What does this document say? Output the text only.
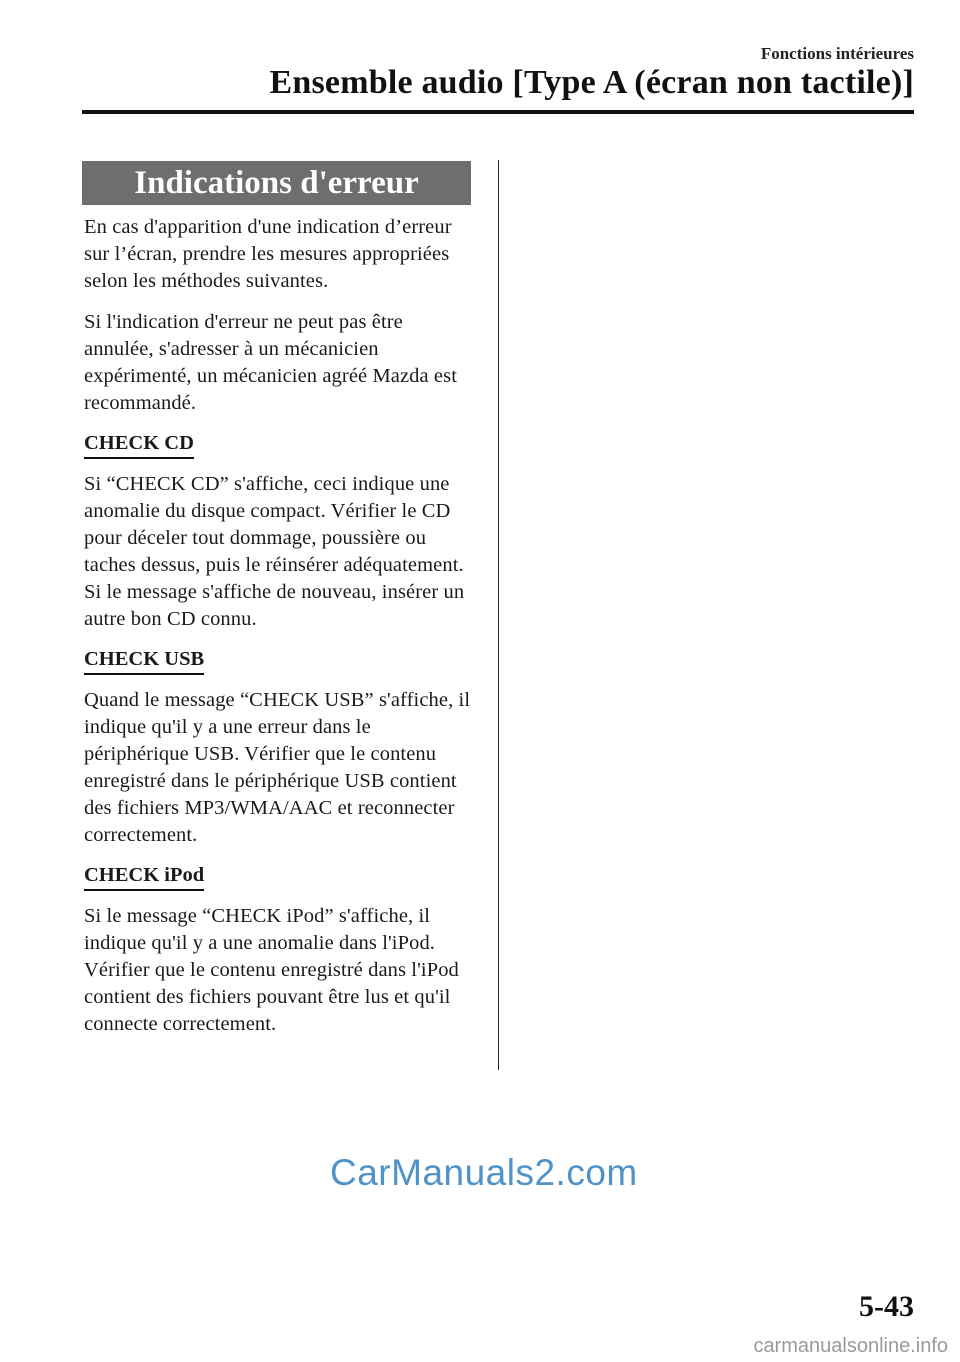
Fonctions intérieures
Ensemble audio [Type A (écran non tactile)]
Indications d'erreur

En cas d'apparition d'une indication d’erreur sur l’écran, prendre les mesures appropriées selon les méthodes suivantes.

Si l'indication d'erreur ne peut pas être annulée, s'adresser à un mécanicien expérimenté, un mécanicien agréé Mazda est recommandé.

CHECK CD

Si “CHECK CD” s'affiche, ceci indique une anomalie du disque compact. Vérifier le CD pour déceler tout dommage, poussière ou taches dessus, puis le réinsérer adéquatement. Si le message s'affiche de nouveau, insérer un autre bon CD connu.

CHECK USB

Quand le message “CHECK USB” s'affiche, il indique qu'il y a une erreur dans le périphérique USB. Vérifier que le contenu enregistré dans le périphérique USB contient des fichiers MP3/WMA/AAC et reconnecter correctement.

CHECK iPod

Si le message “CHECK iPod” s'affiche, il indique qu'il y a une anomalie dans l'iPod. Vérifier que le contenu enregistré dans l'iPod contient des fichiers pouvant être lus et qu'il connecte correctement.

CarManuals2.com
5-43
carmanualsonline.info
